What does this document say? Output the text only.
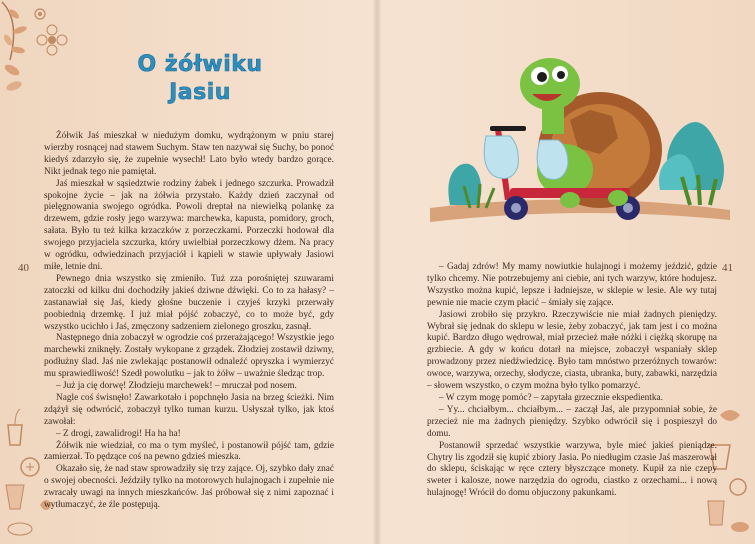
O żółwiku
Jasiu
40	41

Żółwik Jaś mieszkał w niedużym domku, wydrążonym w pniu starej wierzby rosnącej nad stawem Suchym. Staw ten nazywał się Suchy, bo ponoć kiedyś zdarzyło się, że zupełnie wysechł! Lato było wtedy bardzo gorące. Nikt jednak tego nie pamiętał.

Jaś mieszkał w sąsiedztwie rodziny żabek i jednego szczurka. Prowadził spokojne życie – jak na żółwia przystało. Każdy dzień zaczynał od pielęgnowania swojego ogródka. Powoli dreptał na niewielką polankę za drzewem, gdzie rosły jego warzywa: marchewka, kapusta, pomidory, groch, sałata. Było tu też kilka krzaczków z porzeczkami. Porzeczki hodował dla swojego przyjaciela szczurka, który uwielbiał porzeczkowy dżem. Na pracy w ogródku, odwiedzinach przyjaciół i kąpieli w stawie upływały Jasiowi miłe, letnie dni.

Pewnego dnia wszystko się zmieniło. Tuż zza porośniętej szuwarami zatoczki od kilku dni dochodziły jakieś dziwne dźwięki. Co to za hałasy? – zastanawiał się Jaś, kiedy głośne buczenie i czyjeś krzyki przerwały poobiednią drzemkę. I już miał pójść zobaczyć, co to może być, gdy wszystko ucichło i Jaś, zmęczony sadzeniem zielonego groszku, zasnął.

Następnego dnia zobaczył w ogrodzie coś przerażającego! Wszystkie jego marchewki zniknęły. Zostały wykopane z grządek. Złodziej zostawił dziwny, podłużny ślad. Jaś nie zwlekając postanowił odnaleźć opryszka i wymierzyć mu sprawiedliwość! Szedł powolutku – jak to żółw – uważnie śledząc trop.

– Już ja cię dorwę! Złodzieju marchewek! – mruczał pod nosem.

Nagle coś świsnęło! Zawarkotało i popchnęło Jasia na brzeg ścieżki. Nim zdążył się odwrócić, zobaczył tylko tuman kurzu. Usłyszał tylko, jak ktoś zawołał:

– Z drogi, zawalidrogi! Ha ha ha!

Żółwik nie wiedział, co ma o tym myśleć, i postanowił pójść tam, gdzie zamierzał. To pędzące coś na pewno gdzieś mieszka.

Okazało się, że nad staw sprowadziły się trzy zające. Oj, szybko dały znać o swojej obecności. Jeździły tylko na motorowych hulajnogach i zupełnie nie zwracały uwagi na innych mieszkańców. Jaś próbował się z nimi zapoznać i wytłumaczyć, że źle postępują.

– Gadaj zdrów! My mamy nowiutkie hulajnogi i możemy jeździć, gdzie tylko chcemy. Nie potrzebujemy ani ciebie, ani tych warzyw, które hodujesz. Wszystko można kupić, lepsze i ładniejsze, w sklepie w lesie. Ale wy tutaj pewnie nie macie czym płacić – śmiały się zające.

Jasiowi zrobiło się przykro. Rzeczywiście nie miał żadnych pieniędzy. Wybrał się jednak do sklepu w lesie, żeby zobaczyć, jak tam jest i co można kupić. Bardzo długo wędrował, miał przecież małe nóżki i ciężką skorupę na grzbiecie. A gdy w końcu dotarł na miejsce, zobaczył wspaniały sklep prowadzony przez niedźwiedzicę. Było tam mnóstwo przeróżnych towarów: owoce, warzywa, orzechy, słodycze, ciasta, ubranka, buty, zabawki, narzędzia – słowem wszystko, o czym można było tylko pomarzyć.

– W czym mogę pomóc? – zapytała grzecznie ekspedientka.

– Yy... chciałbym... chciałbym... – zaczął Jaś, ale przypomniał sobie, że przecież nie ma żadnych pieniędzy. Szybko odwrócił się i pospieszył do domu.

Postanowił sprzedać wszystkie warzywa, byle mieć jakieś pieniądze. Chytry lis zgodził się kupić zbiory Jasia. Po niedługim czasie Jaś maszerował do sklepu, ściskając w ręce cztery błyszczące monety. Kupił za nie czepy sweter i kalosze, nowe narzędzia do ogrodu, ciastko z orzechami... i nową hulajnogę! Wrócił do domu objuczony pakunkami.
